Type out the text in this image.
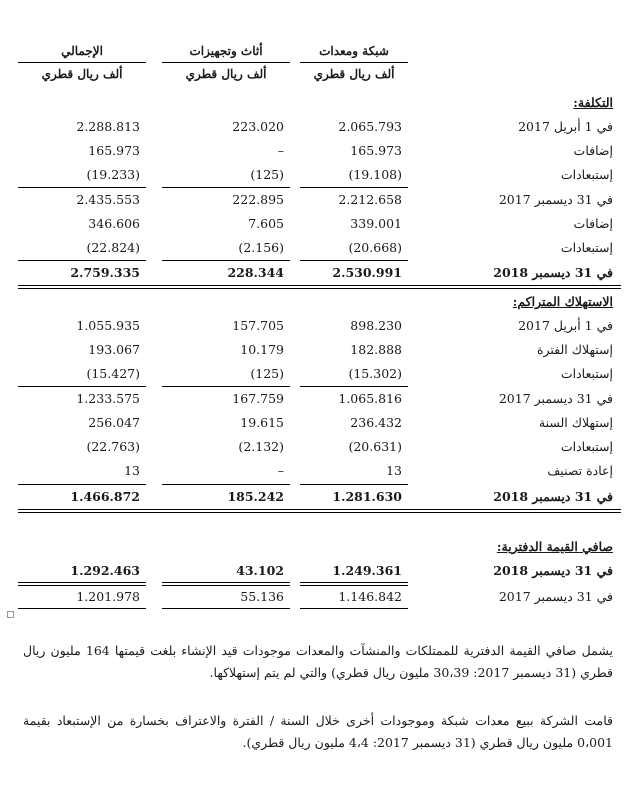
شبكة ومعدات
ألف ريال قطري
أثاث وتجهيزات
ألف ريال قطري
الإجمالي
ألف ريال قطري
التكلفة:
في 1 أبريل 2017
2.065.793
223.020
2.288.813
إضافات
165.973
–
165.973
إستبعادات
(19.108)
(125)
(19.233)
في 31 ديسمبر 2017
2.212.658
222.895
2.435.553
إضافات
339.001
7.605
346.606
إستبعادات
(20.668)
(2.156)
(22.824)
في 31 ديسمبر 2018
2.530.991
228.344
2.759.335
الاستهلاك المتراكم:
في 1 أبريل 2017
898.230
157.705
1.055.935
إستهلاك الفترة
182.888
10.179
193.067
إستبعادات
(15.302)
(125)
(15.427)
في 31 ديسمبر 2017
1.065.816
167.759
1.233.575
إستهلاك السنة
236.432
19.615
256.047
إستبعادات
(20.631)
(2.132)
(22.763)
إعادة تصنيف
13
–
13
في 31 ديسمبر 2018
1.281.630
185.242
1.466.872
صافي القيمة الدفترية:
في 31 ديسمبر 2018
1.249.361
43.102
1.292.463
في 31 ديسمبر 2017
1.146.842
55.136
1.201.978
يشمل صافي القيمة الدفترية للممتلكات والمنشآت والمعدات موجودات قيد الإنشاء بلغت قيمتها 164 مليون ريال قطري (31 ديسمبر 2017: 30،39 مليون ريال قطري) والتي لم يتم إستهلاكها.
قامت الشركة ببيع معدات شبكة وموجودات أخرى خلال السنة / الفترة والاعتراف بخسارة من الإستبعاد بقيمة 0،001 مليون ريال قطري (31 ديسمبر 2017: 4،4 مليون ريال قطري).
